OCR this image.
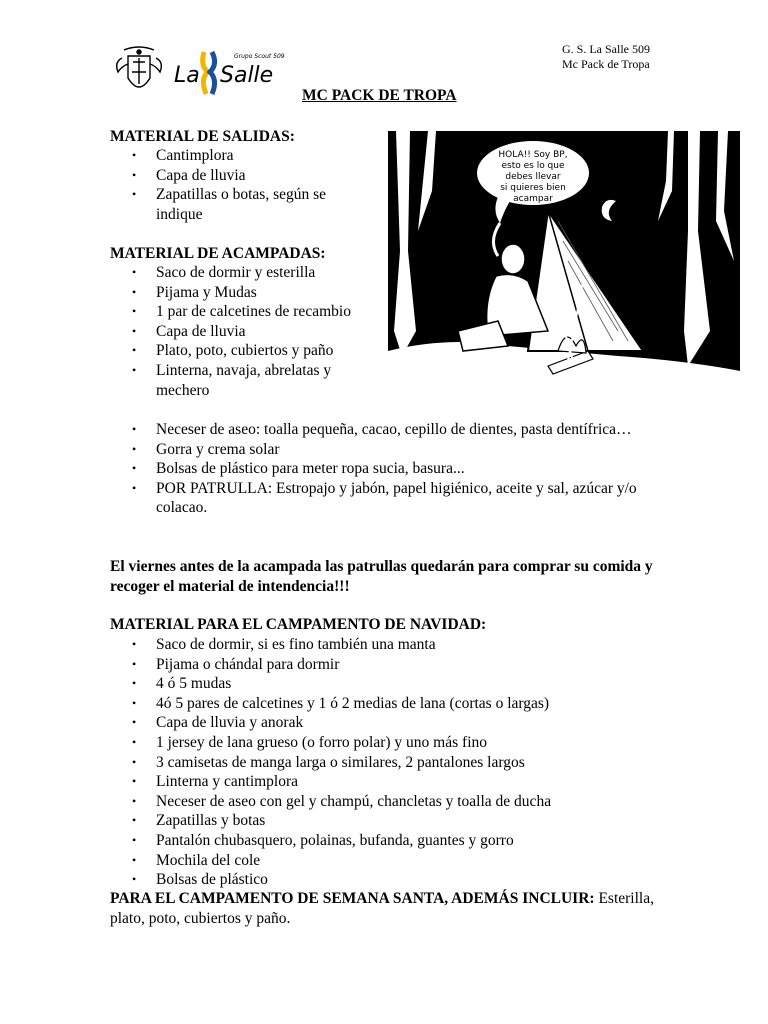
La Salle
Grupo Scout 509
G. S. La Salle 509
Mc Pack de Tropa
MC PACK DE TROPA
HOLA!! Soy BP,
esto es lo que
debes llevar
si quieres bien
acampar
MATERIAL DE SALIDAS:
• Cantimplora
• Capa de lluvia
• Zapatillas o botas, según se indique
MATERIAL DE ACAMPADAS:
• Saco de dormir y esterilla
• Pijama y Mudas
• 1 par de calcetines de recambio
• Capa de lluvia
• Plato, poto, cubiertos y paño
• Linterna, navaja, abrelatas y mechero
• Neceser de aseo: toalla pequeña, cacao, cepillo de dientes, pasta dentífrica…
• Gorra y crema solar
• Bolsas de plástico para meter ropa sucia, basura...
• POR PATRULLA: Estropajo y jabón, papel higiénico, aceite y sal, azúcar y/o colacao.
El viernes antes de la acampada las patrullas quedarán para comprar su comida y recoger el material de intendencia!!!
MATERIAL PARA EL CAMPAMENTO DE NAVIDAD:
• Saco de dormir, si es fino también una manta
• Pijama o chándal para dormir
• 4 ó 5 mudas
• 4ó 5 pares de calcetines y 1 ó 2 medias de lana (cortas o largas)
• Capa de lluvia y anorak
• 1 jersey de lana grueso (o forro polar) y uno más fino
• 3 camisetas de manga larga o similares, 2 pantalones largos
• Linterna y cantimplora
• Neceser de aseo con gel y champú, chancletas y toalla de ducha
• Zapatillas y botas
• Pantalón chubasquero, polainas, bufanda, guantes y gorro
• Mochila del cole
• Bolsas de plástico
PARA EL CAMPAMENTO DE SEMANA SANTA, ADEMÁS INCLUIR: Esterilla, plato, poto, cubiertos y paño.
